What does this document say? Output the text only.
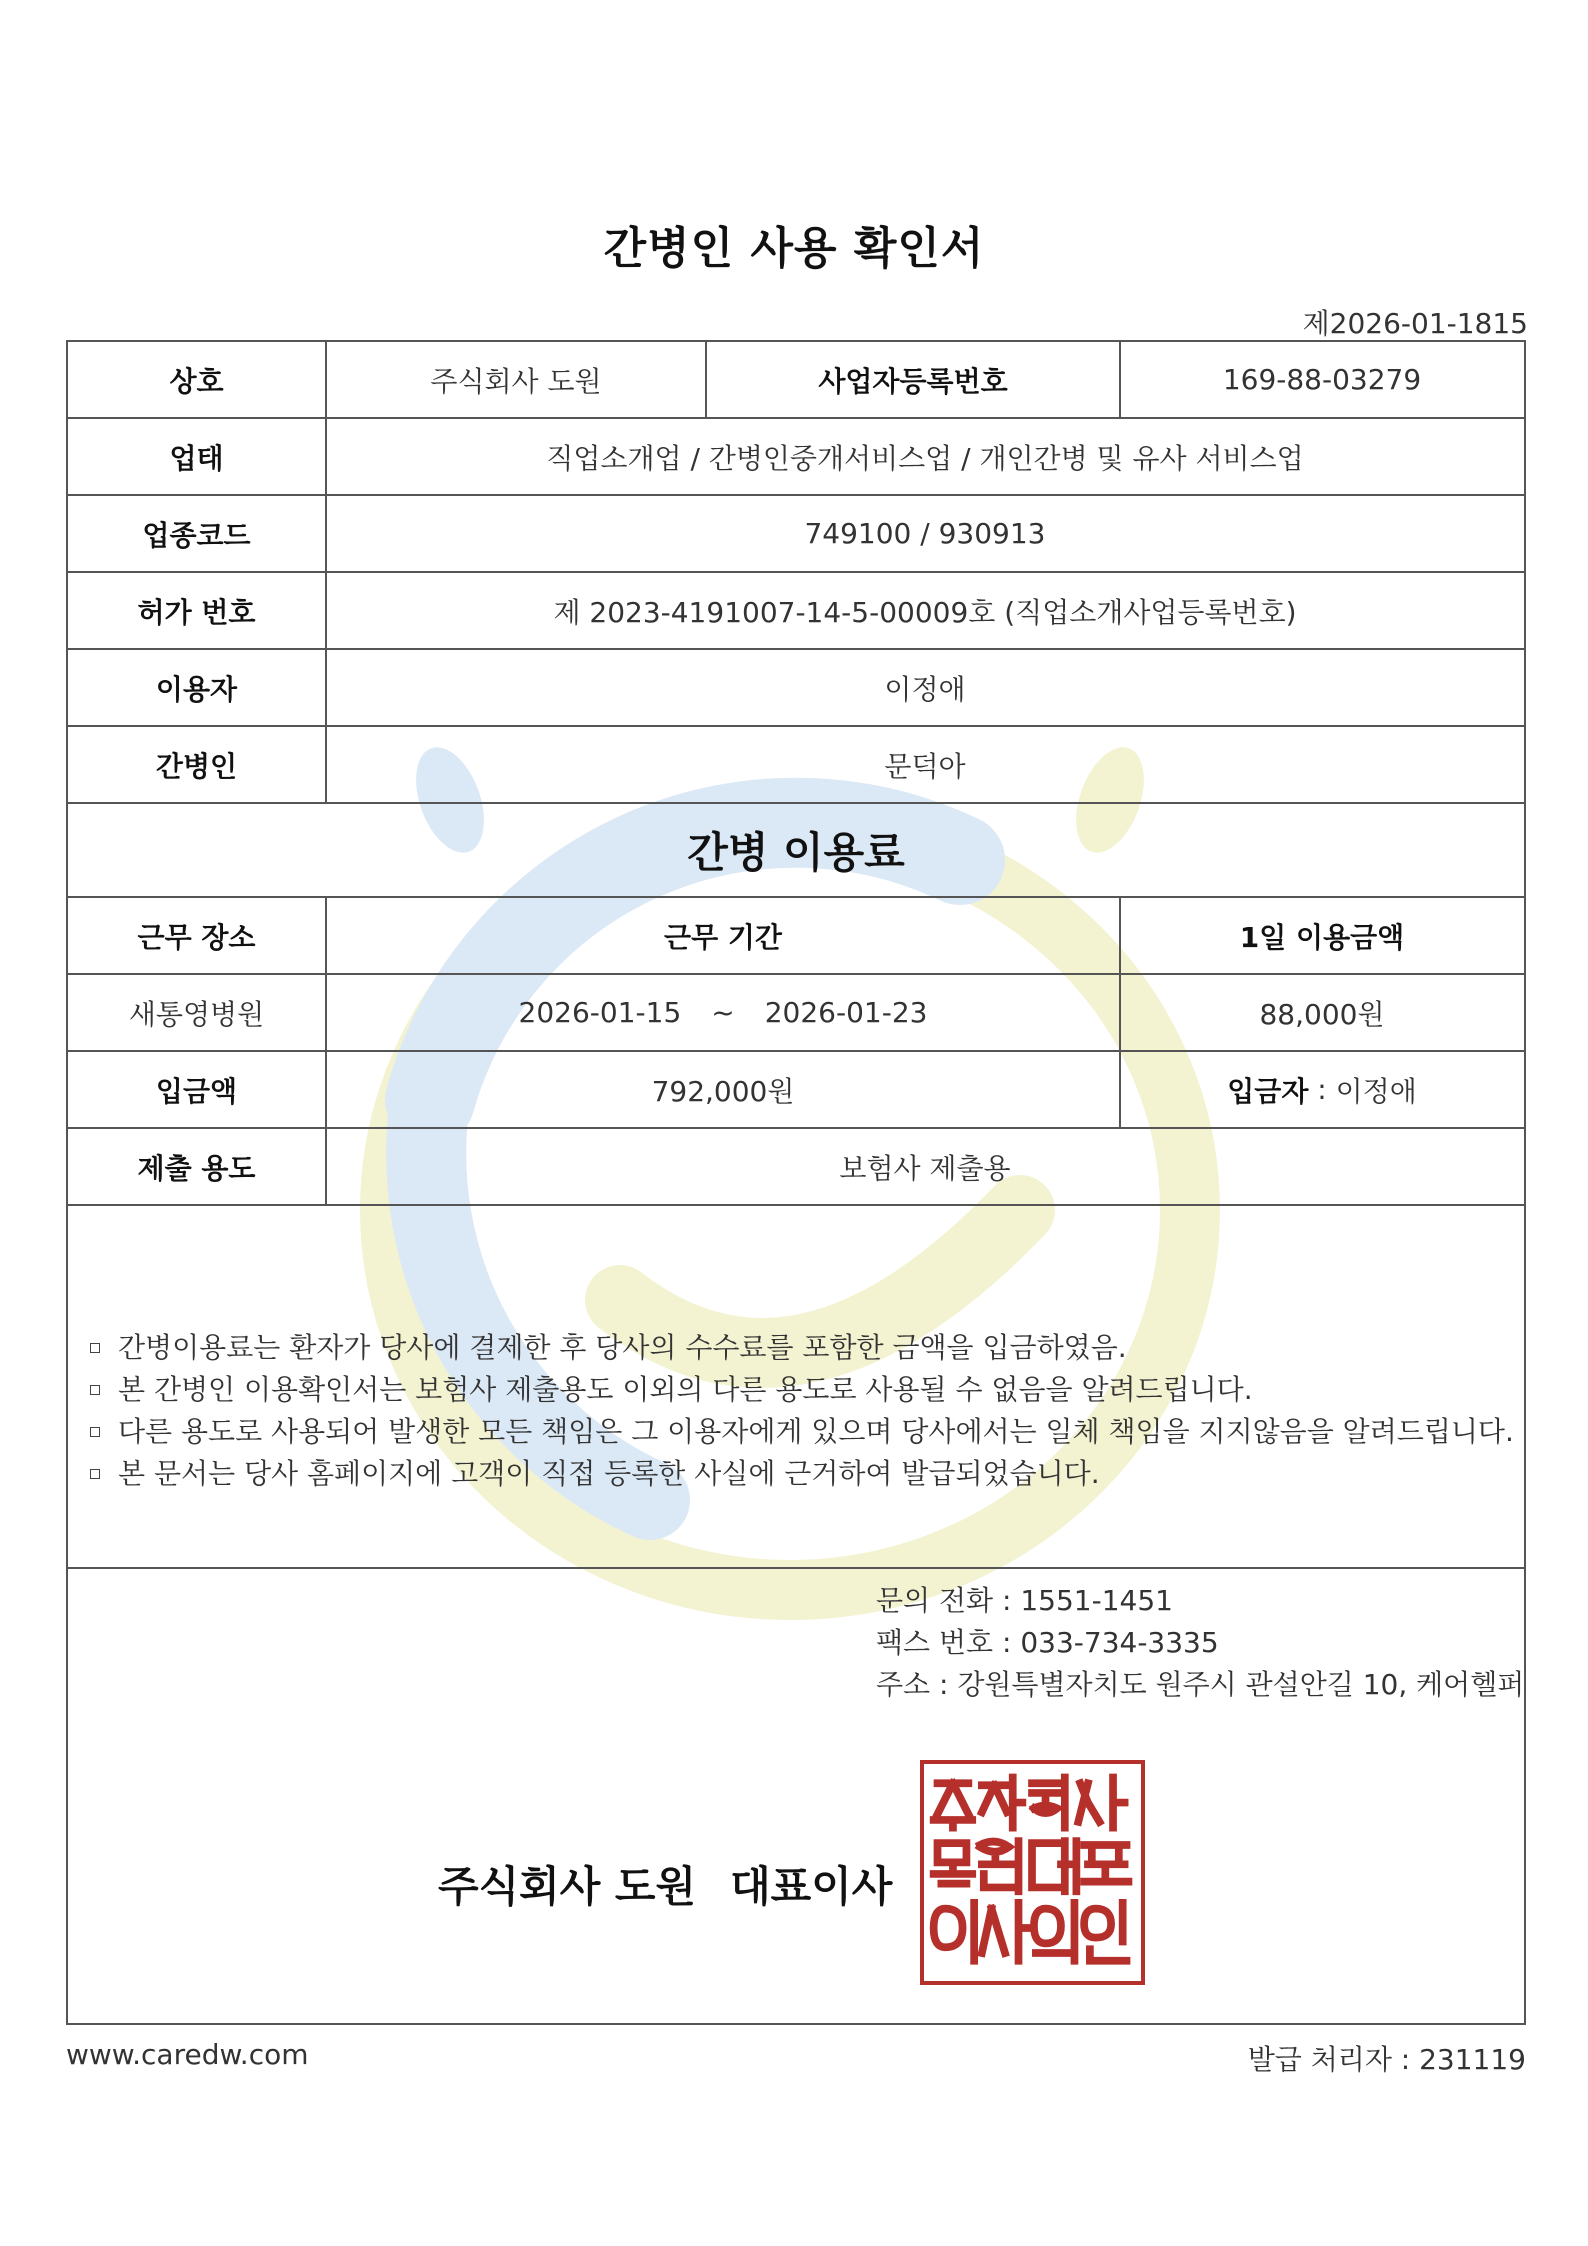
간병인 사용 확인서
제2026-01-1815
상호	주식회사 도원	사업자등록번호	169-88-03279
업태	직업소개업 / 간병인중개서비스업 / 개인간병 및 유사 서비스업
업종코드	749100 / 930913
허가 번호	제 2023-4191007-14-5-00009호 (직업소개사업등록번호)
이용자	이정애
간병인	문덕아
간병 이용료
근무 장소	근무 기간	1일 이용금액
새통영병원	2026-01-15 ~ 2026-01-23	88,000원
입금액	792,000원	입금자 : 이정애
제출 용도	보험사 제출용
간병이용료는 환자가 당사에 결제한 후 당사의 수수료를 포함한 금액을 입금하였음.
본 간병인 이용확인서는 보험사 제출용도 이외의 다른 용도로 사용될 수 없음을 알려드립니다.
다른 용도로 사용되어 발생한 모든 책임은 그 이용자에게 있으며 당사에서는 일체 책임을 지지않음을 알려드립니다.
본 문서는 당사 홈페이지에 고객이 직접 등록한 사실에 근거하여 발급되었습니다.
문의 전화 : 1551-1451
팩스 번호 : 033-734-3335
주소 : 강원특별자치도 원주시 관설안길 10, 케어헬퍼
주식회사 도원 대표이사
www.caredw.com	발급 처리자 : 231119
